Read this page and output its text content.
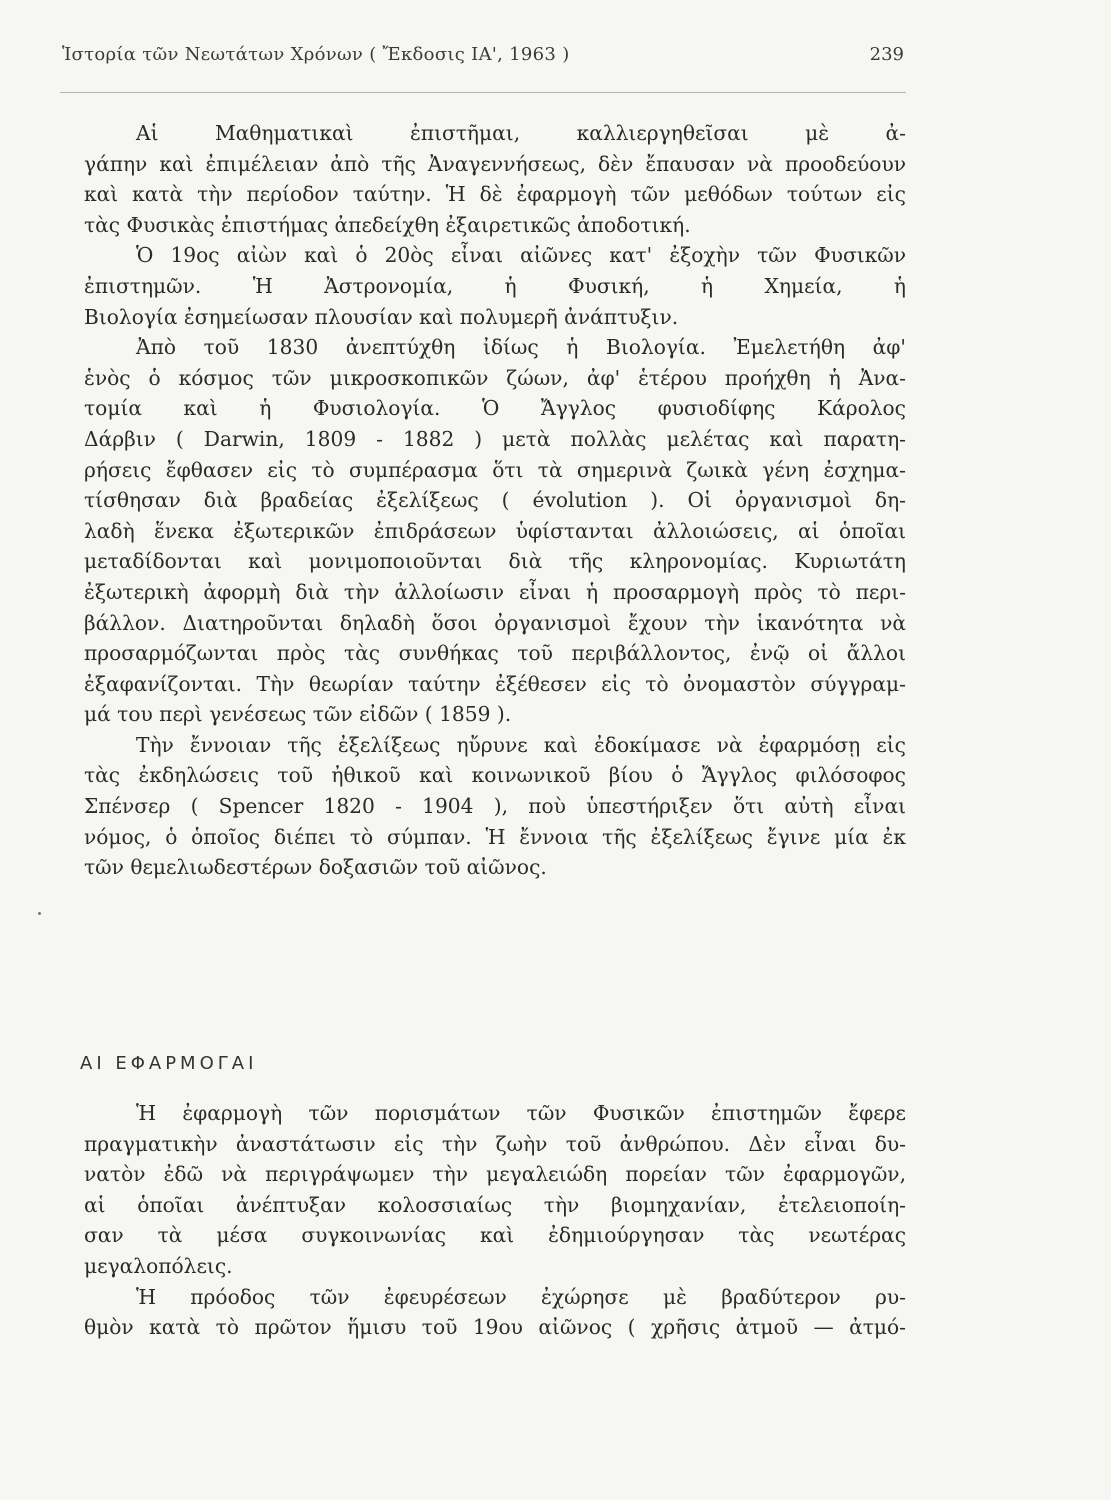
Ἱστορία τῶν Νεωτάτων Χρόνων ( Ἔκδοσις ΙΑ', 1963 )	239
Αἱ Μαθηματικαὶ ἐπιστῆμαι, καλλιεργηθεῖσαι μὲ ἀ-
γάπην καὶ ἐπιμέλειαν ἀπὸ τῆς Ἀναγεννήσεως, δὲν ἔπαυσαν νὰ προοδεύουν
καὶ κατὰ τὴν περίοδον ταύτην. Ἡ δὲ ἐφαρμογὴ τῶν μεθόδων τούτων εἰς
τὰς Φυσικὰς ἐπιστήμας ἀπεδείχθη ἐξαιρετικῶς ἀποδοτική.
Ὁ 19ος αἰὼν καὶ ὁ 20ὸς εἶναι αἰῶνες κατ' ἐξοχὴν τῶν Φυσικῶν
ἐπιστημῶν. Ἡ Ἀστρονομία, ἡ Φυσική, ἡ Χημεία, ἡ
Βιολογία ἐσημείωσαν πλουσίαν καὶ πολυμερῆ ἀνάπτυξιν.
Ἀπὸ τοῦ 1830 ἀνεπτύχθη ἰδίως ἡ Βιολογία. Ἐμελετήθη ἀφ'
ἑνὸς ὁ κόσμος τῶν μικροσκοπικῶν ζώων, ἀφ' ἑτέρου προήχθη ἡ Ἀνα-
τομία καὶ ἡ Φυσιολογία. Ὁ Ἄγγλος φυσιοδίφης Κάρολος
Δάρβιν ( Darwin, 1809 - 1882 ) μετὰ πολλὰς μελέτας καὶ παρατη-
ρήσεις ἔφθασεν εἰς τὸ συμπέρασμα ὅτι τὰ σημερινὰ ζωικὰ γένη ἐσχημα-
τίσθησαν διὰ βραδείας ἐξελίξεως ( évolution ). Οἱ ὀργανισμοὶ δη-
λαδὴ ἕνεκα ἐξωτερικῶν ἐπιδράσεων ὑφίστανται ἀλλοιώσεις, αἱ ὁποῖαι
μεταδίδονται καὶ μονιμοποιοῦνται διὰ τῆς κληρονομίας. Κυριωτάτη
ἐξωτερικὴ ἀφορμὴ διὰ τὴν ἀλλοίωσιν εἶναι ἡ προσαρμογὴ πρὸς τὸ περι-
βάλλον. Διατηροῦνται δηλαδὴ ὅσοι ὀργανισμοὶ ἔχουν τὴν ἱκανότητα νὰ
προσαρμόζωνται πρὸς τὰς συνθήκας τοῦ περιβάλλοντος, ἐνῷ οἱ ἄλλοι
ἐξαφανίζονται. Τὴν θεωρίαν ταύτην ἐξέθεσεν εἰς τὸ ὀνομαστὸν σύγγραμ-
μά του περὶ γενέσεως τῶν εἰδῶν ( 1859 ).
Τὴν ἔννοιαν τῆς ἐξελίξεως ηὔρυνε καὶ ἐδοκίμασε νὰ ἐφαρμόσῃ εἰς
τὰς ἐκδηλώσεις τοῦ ἠθικοῦ καὶ κοινωνικοῦ βίου ὁ Ἄγγλος φιλόσοφος
Σπένσερ ( Spencer 1820 - 1904 ), ποὺ ὑπεστήριξεν ὅτι αὐτὴ εἶναι
νόμος, ὁ ὁποῖος διέπει τὸ σύμπαν. Ἡ ἔννοια τῆς ἐξελίξεως ἔγινε μία ἐκ
τῶν θεμελιωδεστέρων δοξασιῶν τοῦ αἰῶνος.
ΑΙ ΕΦΑΡΜΟΓΑΙ
Ἡ ἐφαρμογὴ τῶν πορισμάτων τῶν Φυσικῶν ἐπιστημῶν ἔφερε
πραγματικὴν ἀναστάτωσιν εἰς τὴν ζωὴν τοῦ ἀνθρώπου. Δὲν εἶναι δυ-
νατὸν ἐδῶ νὰ περιγράψωμεν τὴν μεγαλειώδη πορείαν τῶν ἐφαρμογῶν,
αἱ ὁποῖαι ἀνέπτυξαν κολοσσιαίως τὴν βιομηχανίαν, ἐτελειοποίη-
σαν τὰ μέσα συγκοινωνίας καὶ ἐδημιούργησαν τὰς νεωτέρας
μεγαλοπόλεις.
Ἡ πρόοδος τῶν ἐφευρέσεων ἐχώρησε μὲ βραδύτερον ρυ-
θμὸν κατὰ τὸ πρῶτον ἥμισυ τοῦ 19ου αἰῶνος ( χρῆσις ἀτμοῦ — ἀτμό-
